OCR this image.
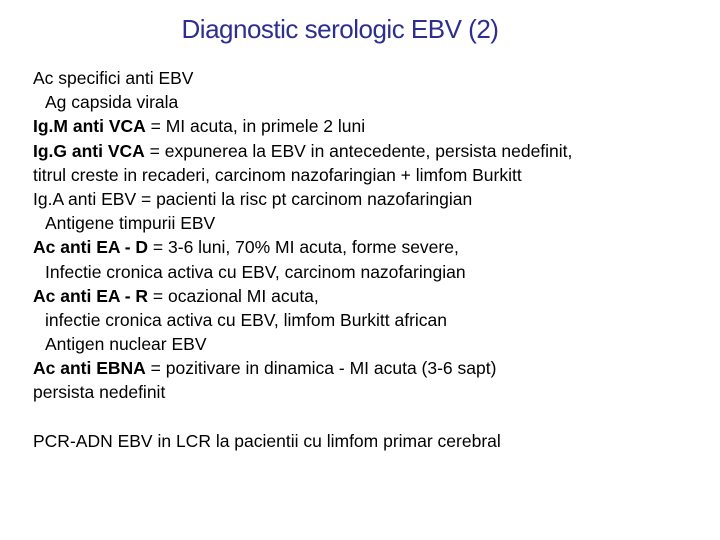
Diagnostic serologic EBV (2)
Ac specifici anti EBV
Ag capsida virala
Ig.M anti VCA = MI acuta, in primele 2 luni
Ig.G anti VCA = expunerea la EBV in antecedente, persista nedefinit,
titrul creste in recaderi, carcinom nazofaringian + limfom Burkitt
Ig.A anti EBV = pacienti la risc pt carcinom nazofaringian
Antigene timpurii EBV
Ac anti EA - D = 3-6 luni, 70% MI acuta, forme severe,
Infectie cronica activa cu EBV, carcinom nazofaringian
Ac anti EA - R = ocazional MI acuta,
infectie cronica activa cu EBV, limfom Burkitt african
Antigen nuclear EBV
Ac anti EBNA = pozitivare in dinamica - MI acuta (3-6 sapt)
persista nedefinit
PCR-ADN EBV in LCR la pacientii cu limfom primar cerebral
